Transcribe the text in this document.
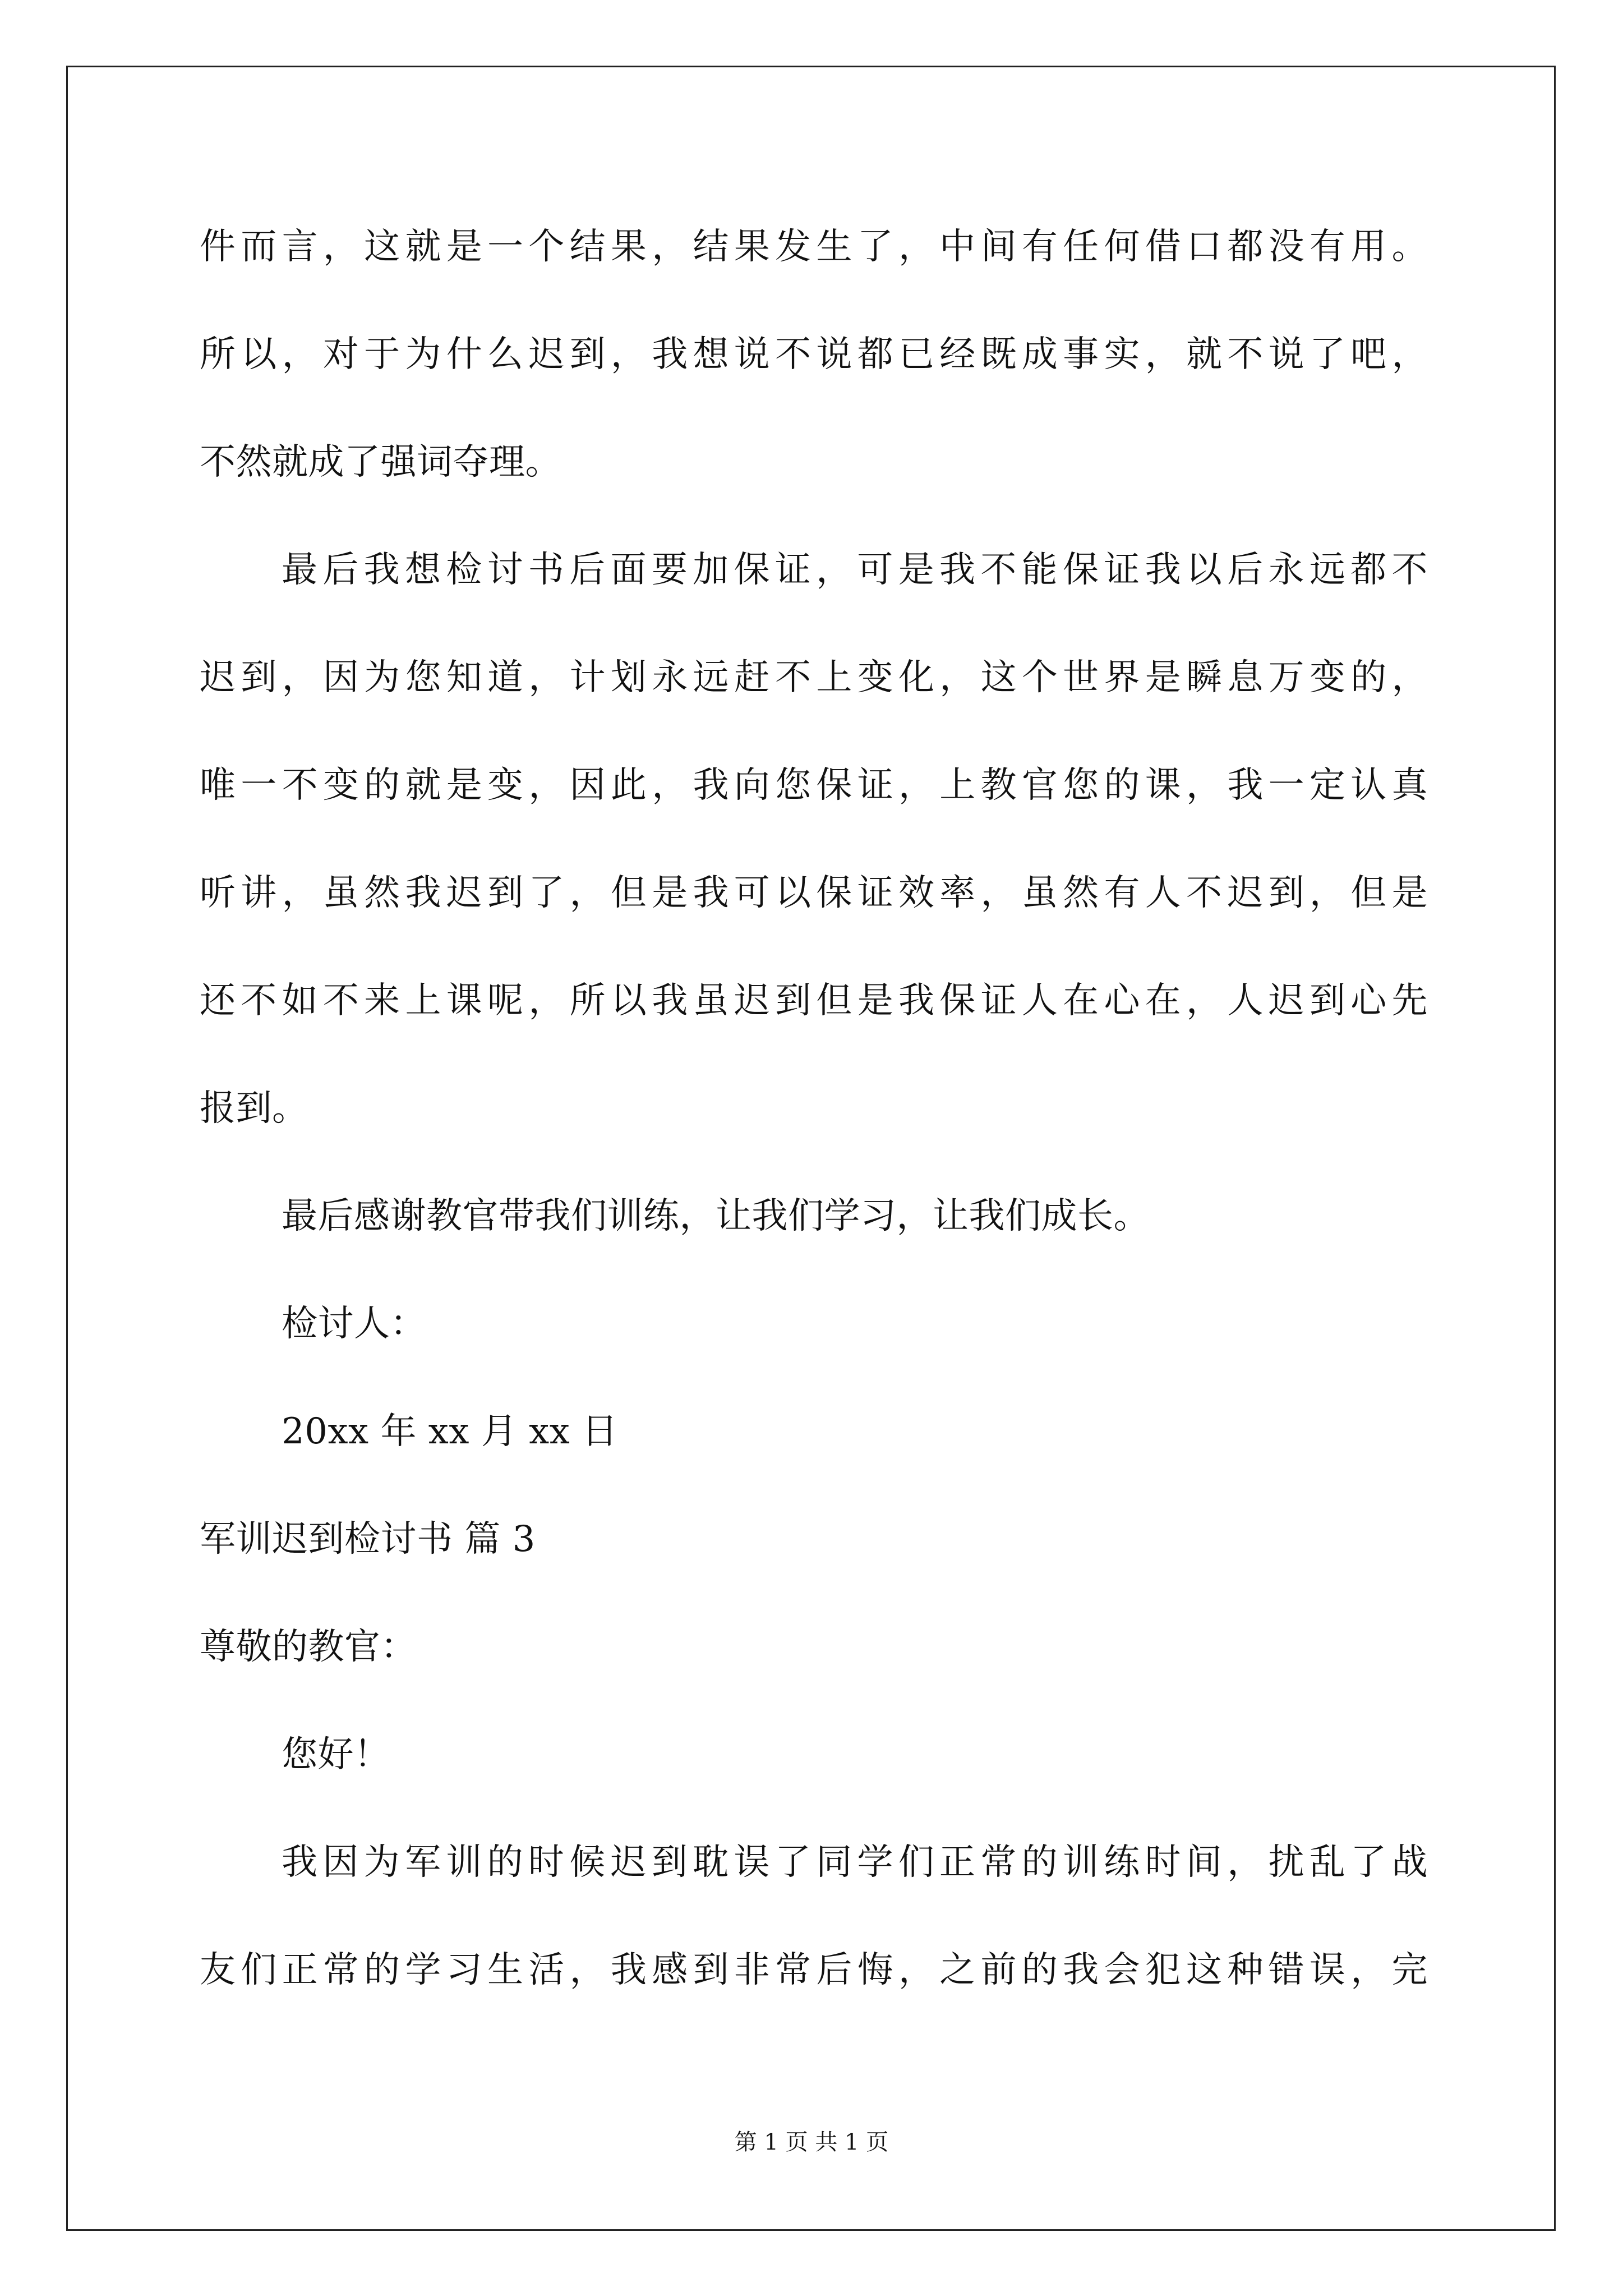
件而言，这就是一个结果，结果发生了，中间有任何借口都没有用。
所以，对于为什么迟到，我想说不说都已经既成事实，就不说了吧，
不然就成了强词夺理。
最后我想检讨书后面要加保证，可是我不能保证我以后永远都不
迟到，因为您知道，计划永远赶不上变化，这个世界是瞬息万变的，
唯一不变的就是变，因此，我向您保证，上教官您的课，我一定认真
听讲，虽然我迟到了，但是我可以保证效率，虽然有人不迟到，但是
还不如不来上课呢，所以我虽迟到但是我保证人在心在，人迟到心先
报到。
最后感谢教官带我们训练，让我们学习，让我们成长。
检讨人：
20xx 年 xx 月 xx 日
军训迟到检讨书 篇 3
尊敬的教官：
您好！
我因为军训的时候迟到耽误了同学们正常的训练时间，扰乱了战
友们正常的学习生活，我感到非常后悔，之前的我会犯这种错误，完
第 1 页 共 1 页
